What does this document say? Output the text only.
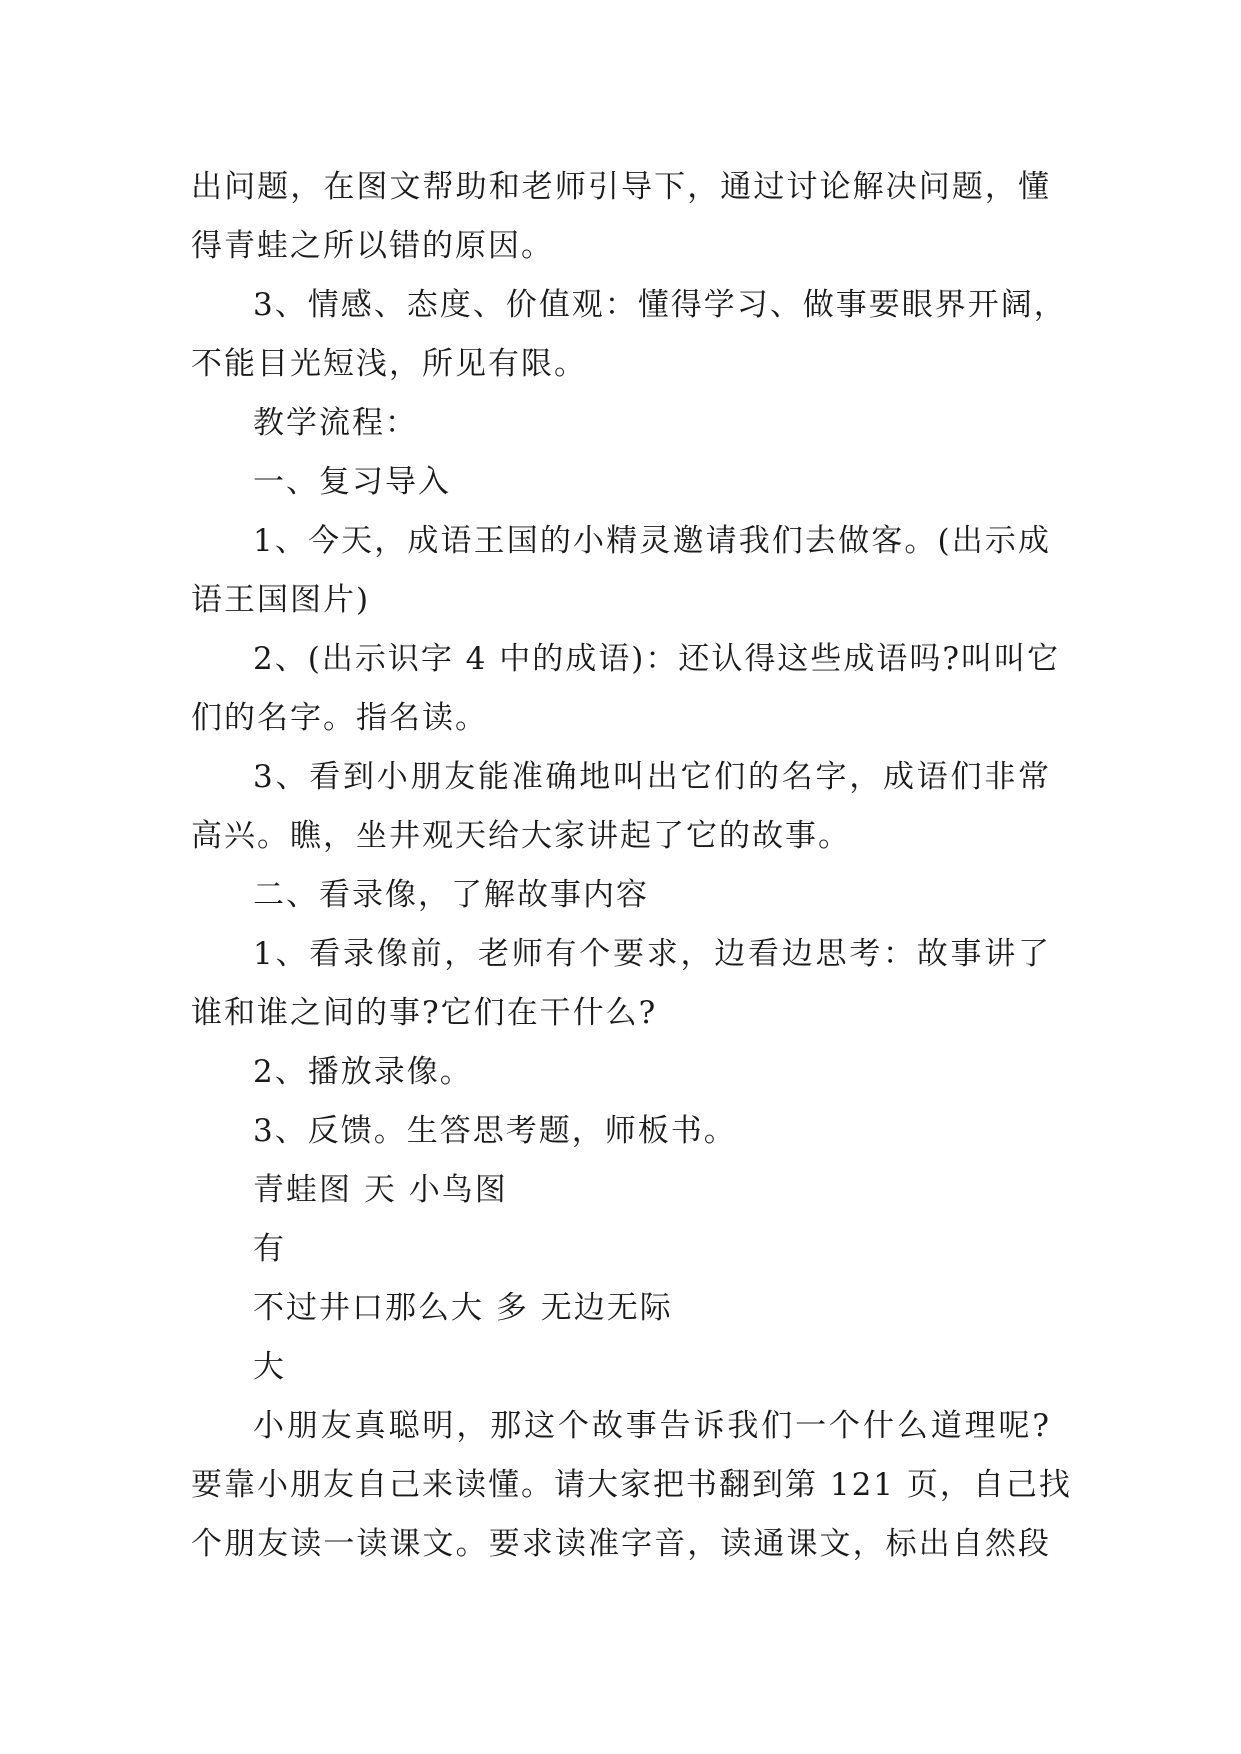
出问题，在图文帮助和老师引导下，通过讨论解决问题，懂
得青蛙之所以错的原因。
3、情感、态度、价值观：懂得学习、做事要眼界开阔，
不能目光短浅，所见有限。
教学流程：
一、复习导入
1、今天，成语王国的小精灵邀请我们去做客。(出示成
语王国图片)
2、(出示识字 4 中的成语)：还认得这些成语吗?叫叫它
们的名字。指名读。
3、看到小朋友能准确地叫出它们的名字，成语们非常
高兴。瞧，坐井观天给大家讲起了它的故事。
二、看录像，了解故事内容
1、看录像前，老师有个要求，边看边思考：故事讲了
谁和谁之间的事?它们在干什么?
2、播放录像。
3、反馈。生答思考题，师板书。
青蛙图 天 小鸟图
有
不过井口那么大 多 无边无际
大
小朋友真聪明，那这个故事告诉我们一个什么道理呢?
要靠小朋友自己来读懂。请大家把书翻到第 121 页，自己找
个朋友读一读课文。要求读准字音，读通课文，标出自然段
